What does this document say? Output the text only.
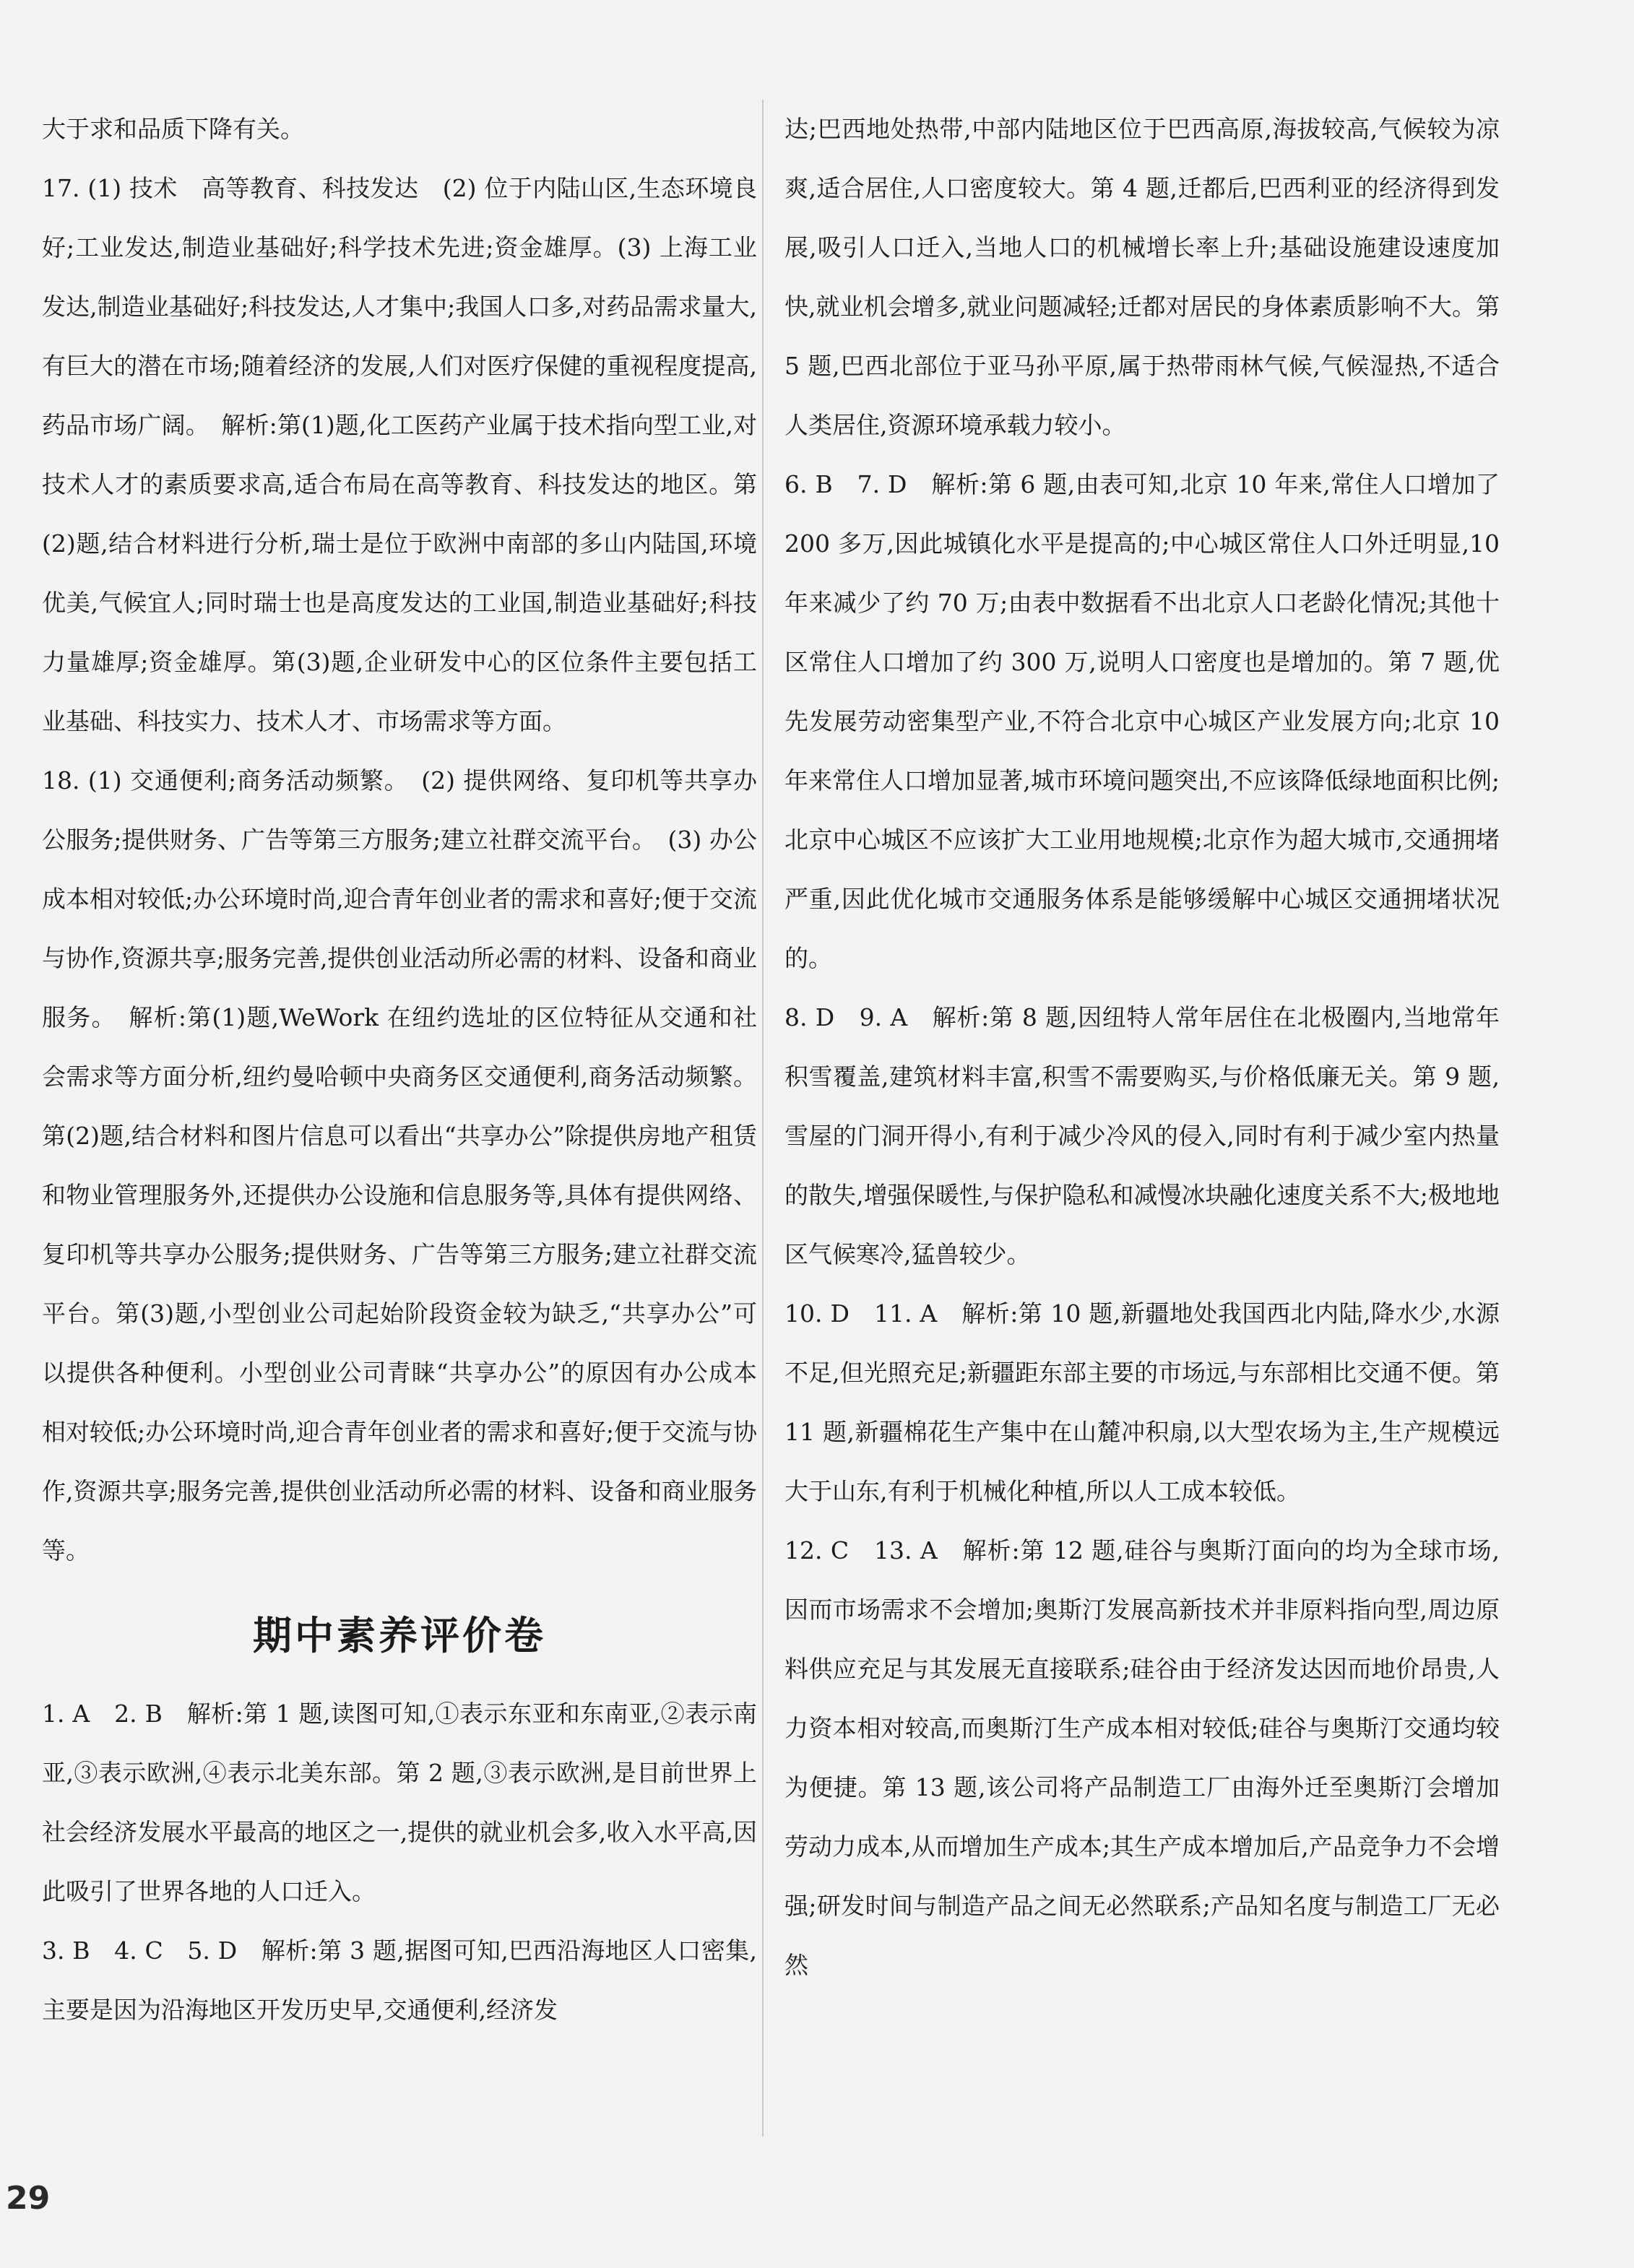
大于求和品质下降有关。

17. (1) 技术　高等教育、科技发达　(2) 位于内陆山区,生态环境良好;工业发达,制造业基础好;科学技术先进;资金雄厚。(3) 上海工业发达,制造业基础好;科技发达,人才集中;我国人口多,对药品需求量大,有巨大的潜在市场;随着经济的发展,人们对医疗保健的重视程度提高,药品市场广阔。　解析:第(1)题,化工医药产业属于技术指向型工业,对技术人才的素质要求高,适合布局在高等教育、科技发达的地区。第(2)题,结合材料进行分析,瑞士是位于欧洲中南部的多山内陆国,环境优美,气候宜人;同时瑞士也是高度发达的工业国,制造业基础好;科技力量雄厚;资金雄厚。第(3)题,企业研发中心的区位条件主要包括工业基础、科技实力、技术人才、市场需求等方面。

18. (1) 交通便利;商务活动频繁。　(2) 提供网络、复印机等共享办公服务;提供财务、广告等第三方服务;建立社群交流平台。　(3) 办公成本相对较低;办公环境时尚,迎合青年创业者的需求和喜好;便于交流与协作,资源共享;服务完善,提供创业活动所必需的材料、设备和商业服务。　解析:第(1)题,WeWork 在纽约选址的区位特征从交通和社会需求等方面分析,纽约曼哈顿中央商务区交通便利,商务活动频繁。第(2)题,结合材料和图片信息可以看出“共享办公”除提供房地产租赁和物业管理服务外,还提供办公设施和信息服务等,具体有提供网络、复印机等共享办公服务;提供财务、广告等第三方服务;建立社群交流平台。第(3)题,小型创业公司起始阶段资金较为缺乏,“共享办公”可以提供各种便利。小型创业公司青睐“共享办公”的原因有办公成本相对较低;办公环境时尚,迎合青年创业者的需求和喜好;便于交流与协作,资源共享;服务完善,提供创业活动所必需的材料、设备和商业服务等。

期中素养评价卷

1. A　2. B　解析:第 1 题,读图可知,①表示东亚和东南亚,②表示南亚,③表示欧洲,④表示北美东部。第 2 题,③表示欧洲,是目前世界上社会经济发展水平最高的地区之一,提供的就业机会多,收入水平高,因此吸引了世界各地的人口迁入。

3. B　4. C　5. D　解析:第 3 题,据图可知,巴西沿海地区人口密集,主要是因为沿海地区开发历史早,交通便利,经济发

达;巴西地处热带,中部内陆地区位于巴西高原,海拔较高,气候较为凉爽,适合居住,人口密度较大。第 4 题,迁都后,巴西利亚的经济得到发展,吸引人口迁入,当地人口的机械增长率上升;基础设施建设速度加快,就业机会增多,就业问题减轻;迁都对居民的身体素质影响不大。第 5 题,巴西北部位于亚马孙平原,属于热带雨林气候,气候湿热,不适合人类居住,资源环境承载力较小。

6. B　7. D　解析:第 6 题,由表可知,北京 10 年来,常住人口增加了 200 多万,因此城镇化水平是提高的;中心城区常住人口外迁明显,10 年来减少了约 70 万;由表中数据看不出北京人口老龄化情况;其他十区常住人口增加了约 300 万,说明人口密度也是增加的。第 7 题,优先发展劳动密集型产业,不符合北京中心城区产业发展方向;北京 10 年来常住人口增加显著,城市环境问题突出,不应该降低绿地面积比例;北京中心城区不应该扩大工业用地规模;北京作为超大城市,交通拥堵严重,因此优化城市交通服务体系是能够缓解中心城区交通拥堵状况的。

8. D　9. A　解析:第 8 题,因纽特人常年居住在北极圈内,当地常年积雪覆盖,建筑材料丰富,积雪不需要购买,与价格低廉无关。第 9 题,雪屋的门洞开得小,有利于减少冷风的侵入,同时有利于减少室内热量的散失,增强保暖性,与保护隐私和减慢冰块融化速度关系不大;极地地区气候寒冷,猛兽较少。

10. D　11. A　解析:第 10 题,新疆地处我国西北内陆,降水少,水源不足,但光照充足;新疆距东部主要的市场远,与东部相比交通不便。第 11 题,新疆棉花生产集中在山麓冲积扇,以大型农场为主,生产规模远大于山东,有利于机械化种植,所以人工成本较低。

12. C　13. A　解析:第 12 题,硅谷与奥斯汀面向的均为全球市场,因而市场需求不会增加;奥斯汀发展高新技术并非原料指向型,周边原料供应充足与其发展无直接联系;硅谷由于经济发达因而地价昂贵,人力资本相对较高,而奥斯汀生产成本相对较低;硅谷与奥斯汀交通均较为便捷。第 13 题,该公司将产品制造工厂由海外迁至奥斯汀会增加劳动力成本,从而增加生产成本;其生产成本增加后,产品竞争力不会增强;研发时间与制造产品之间无必然联系;产品知名度与制造工厂无必然

29
